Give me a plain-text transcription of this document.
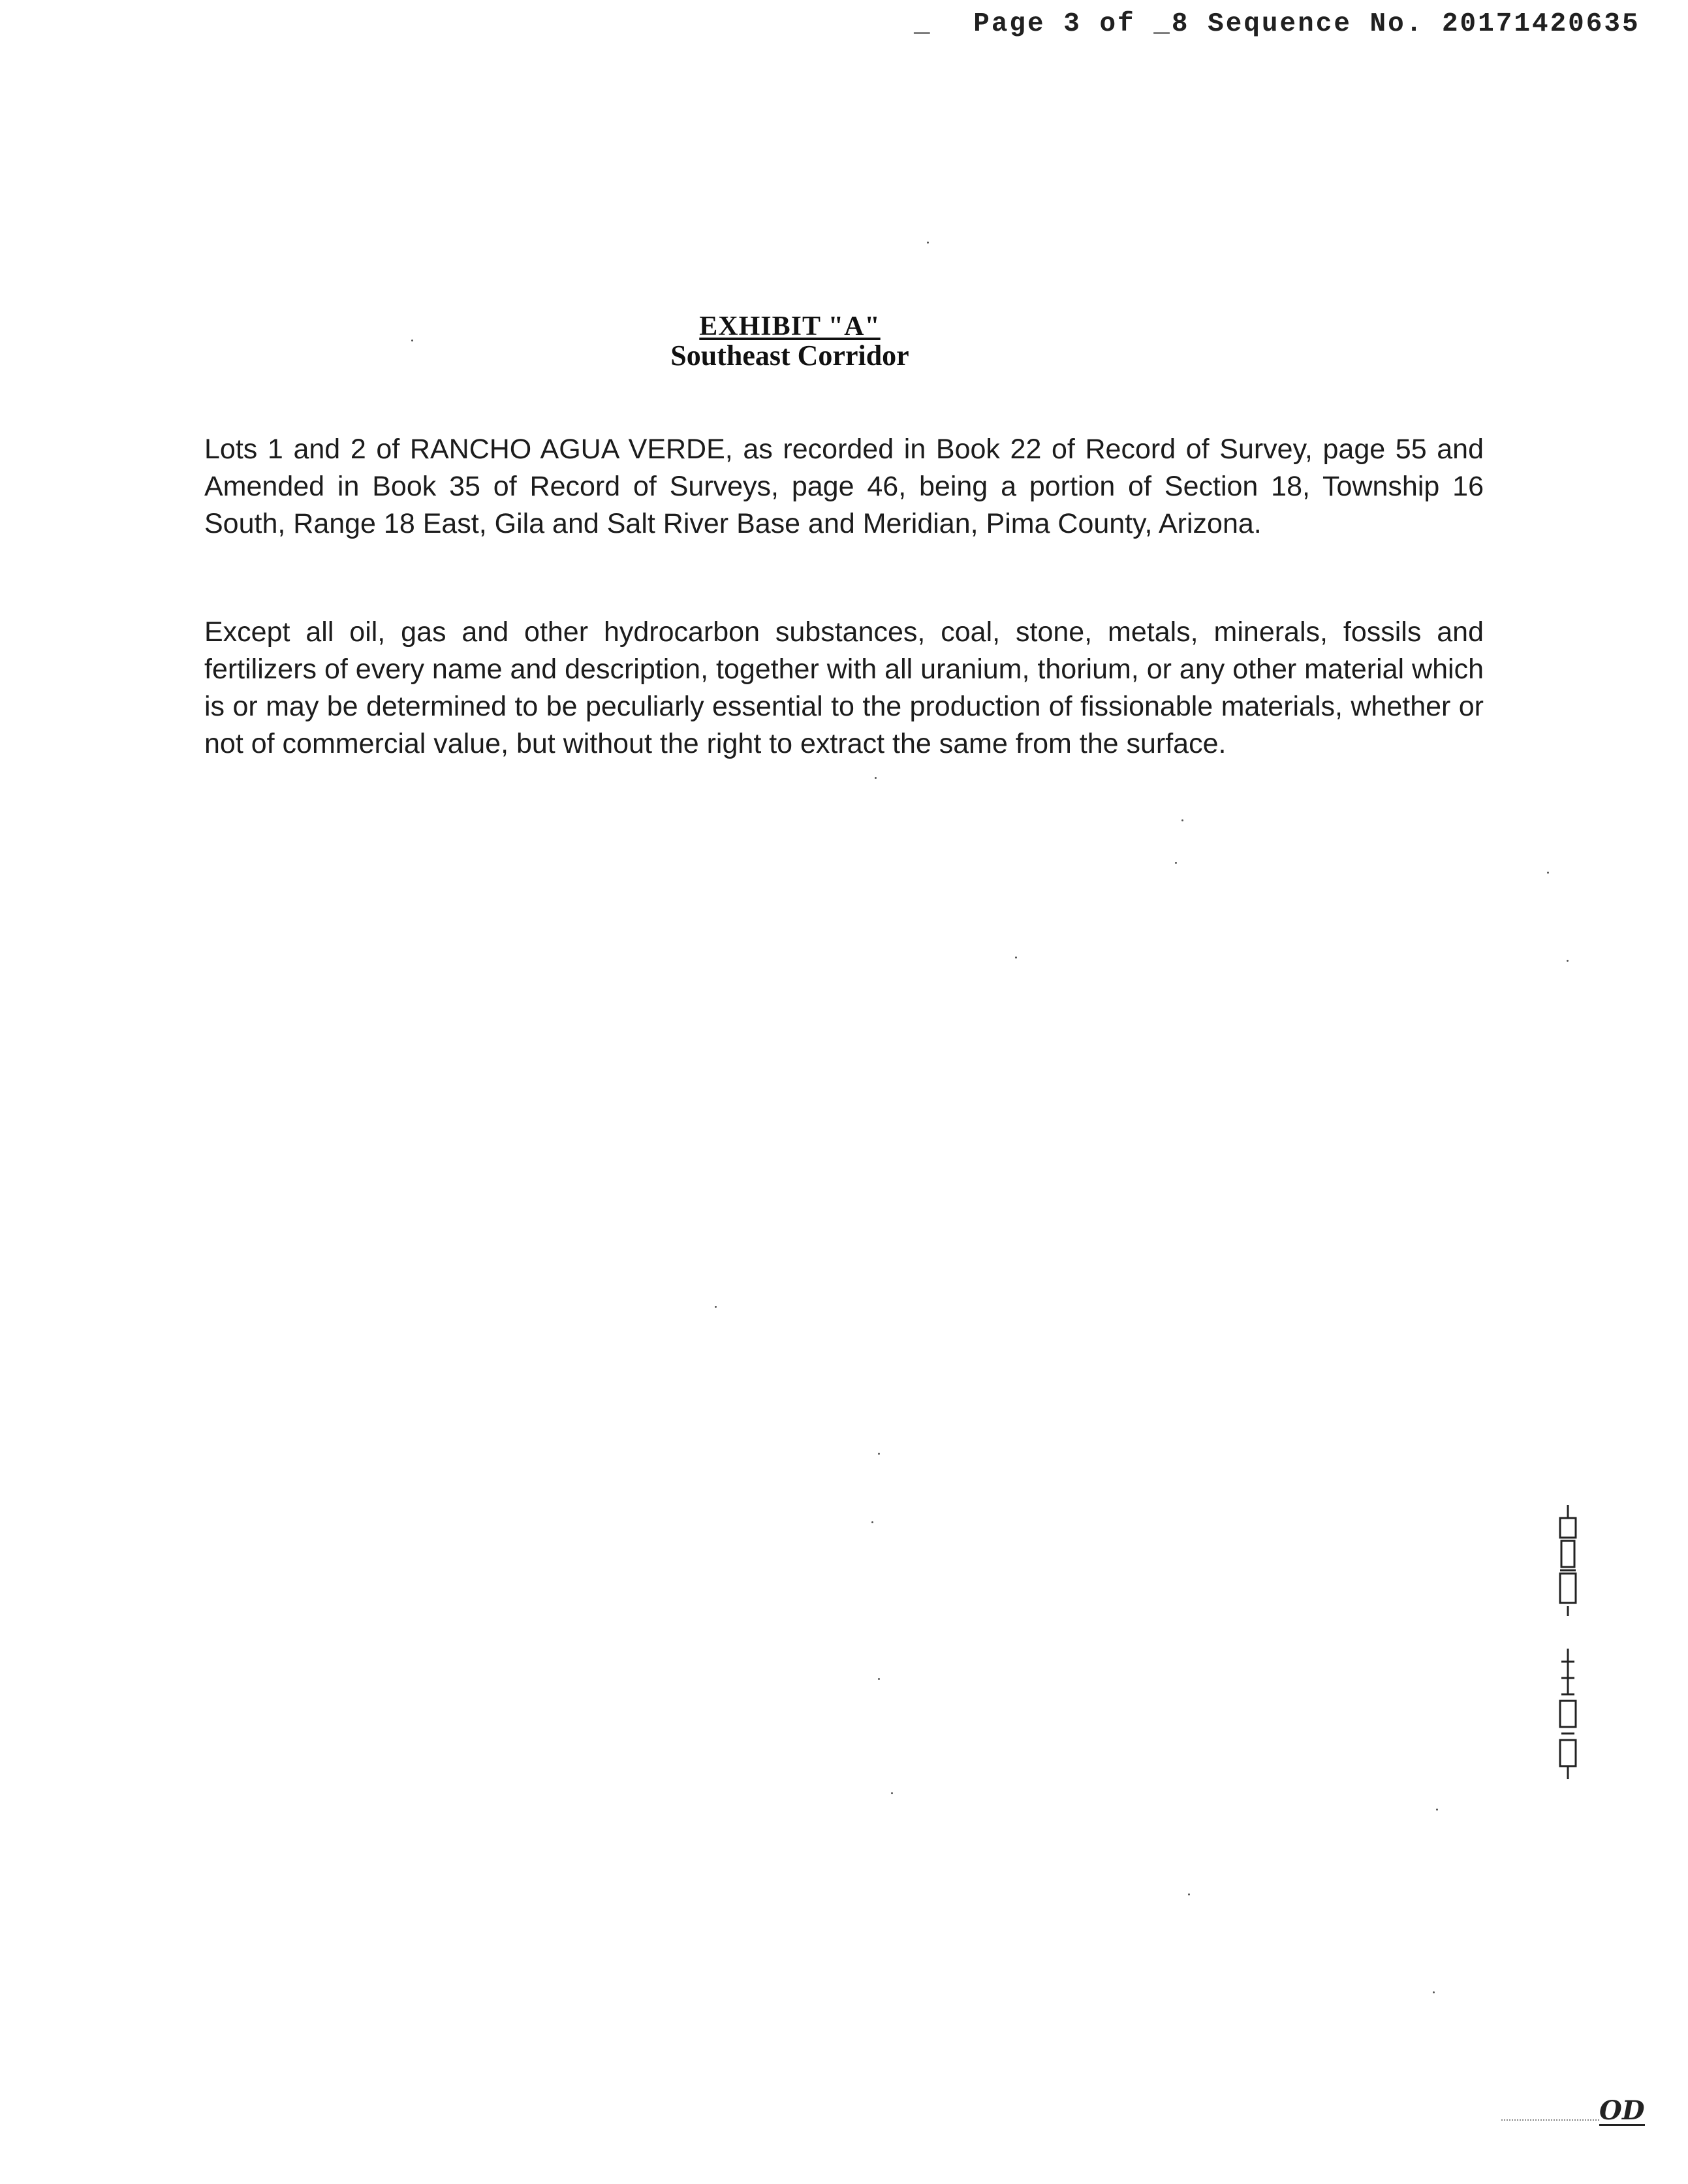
_ Page 3 of _8 Sequence No. 20171420635
EXHIBIT "A"
Southeast Corridor

Lots 1 and 2 of RANCHO AGUA VERDE, as recorded in Book 22 of Record of Survey, page 55 and Amended in Book 35 of Record of Surveys, page 46, being a portion of Section 18, Township 16 South, Range 18 East, Gila and Salt River Base and Meridian, Pima County, Arizona.

Except all oil, gas and other hydrocarbon substances, coal, stone, metals, minerals, fossils and fertilizers of every name and description, together with all uranium, thorium, or any other material which is or may be determined to be peculiarly essential to the production of fissionable materials, whether or not of commercial value, but without the right to extract the same from the surface.

OD
